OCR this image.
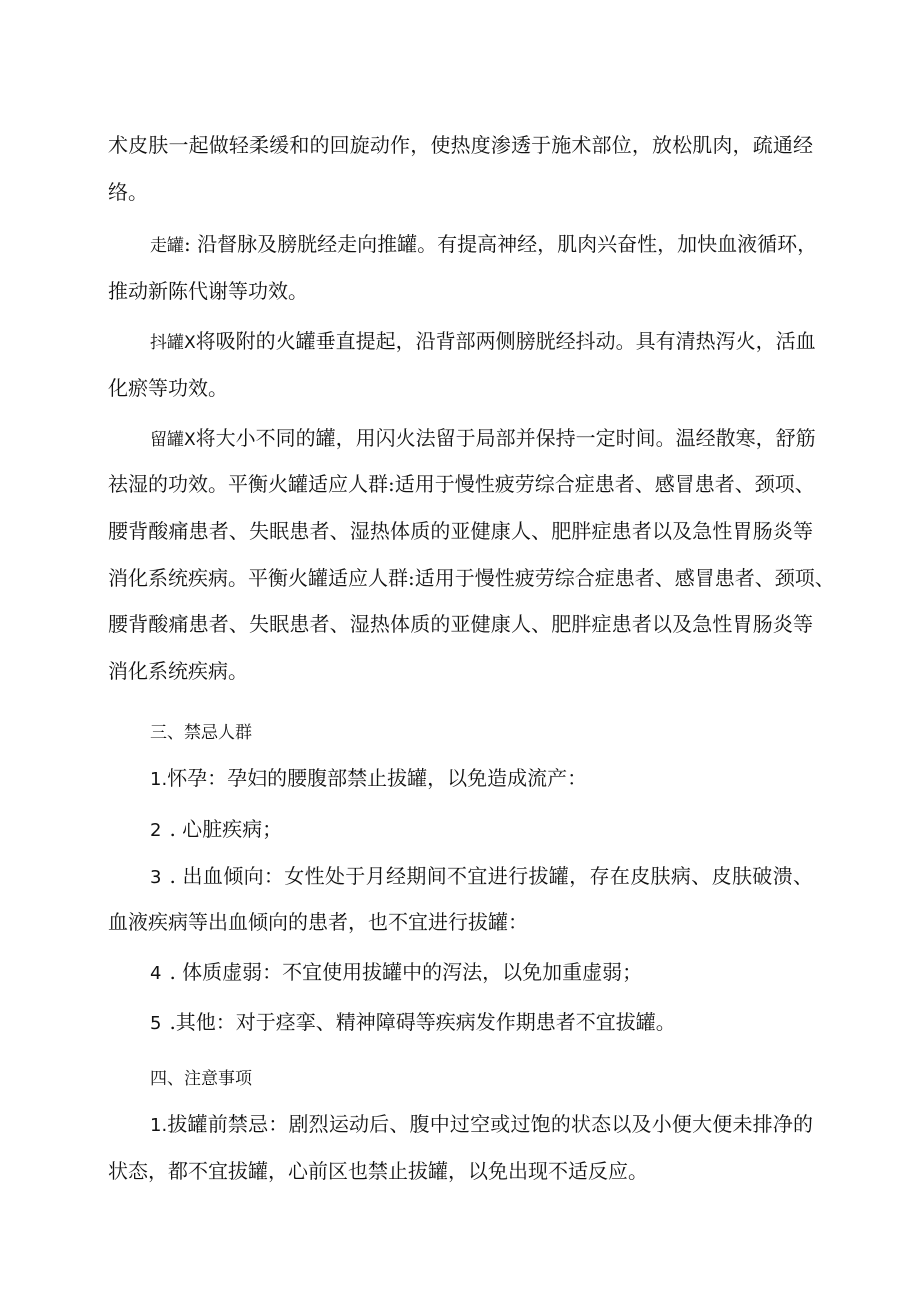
术皮肤一起做轻柔缓和的回旋动作，使热度渗透于施术部位，放松肌肉，疏通经
络。
走罐: 沿督脉及膀胱经走向推罐。有提高神经，肌肉兴奋性，加快血液循环，
推动新陈代谢等功效。
抖罐X将吸附的火罐垂直提起，沿背部两侧膀胱经抖动。具有清热泻火，活血
化瘀等功效。
留罐X将大小不同的罐，用闪火法留于局部并保持一定时间。温经散寒，舒筋
祛湿的功效。平衡火罐适应人群:适用于慢性疲劳综合症患者、感冒患者、颈项、
腰背酸痛患者、失眠患者、湿热体质的亚健康人、肥胖症患者以及急性胃肠炎等
消化系统疾病。平衡火罐适应人群:适用于慢性疲劳综合症患者、感冒患者、颈项、
腰背酸痛患者、失眠患者、湿热体质的亚健康人、肥胖症患者以及急性胃肠炎等
消化系统疾病。
三、禁忌人群
1.怀孕：孕妇的腰腹部禁止拔罐，以免造成流产：
2 . 心脏疾病；
3 . 出血倾向：女性处于月经期间不宜进行拔罐，存在皮肤病、皮肤破溃、
血液疾病等出血倾向的患者，也不宜进行拔罐：
4 . 体质虚弱：不宜使用拔罐中的泻法，以免加重虚弱；
5 .其他：对于痉挛、精神障碍等疾病发作期患者不宜拔罐。
四、注意事项
1.拔罐前禁忌：剧烈运动后、腹中过空或过饱的状态以及小便大便未排净的
状态，都不宜拔罐，心前区也禁止拔罐，以免出现不适反应。
